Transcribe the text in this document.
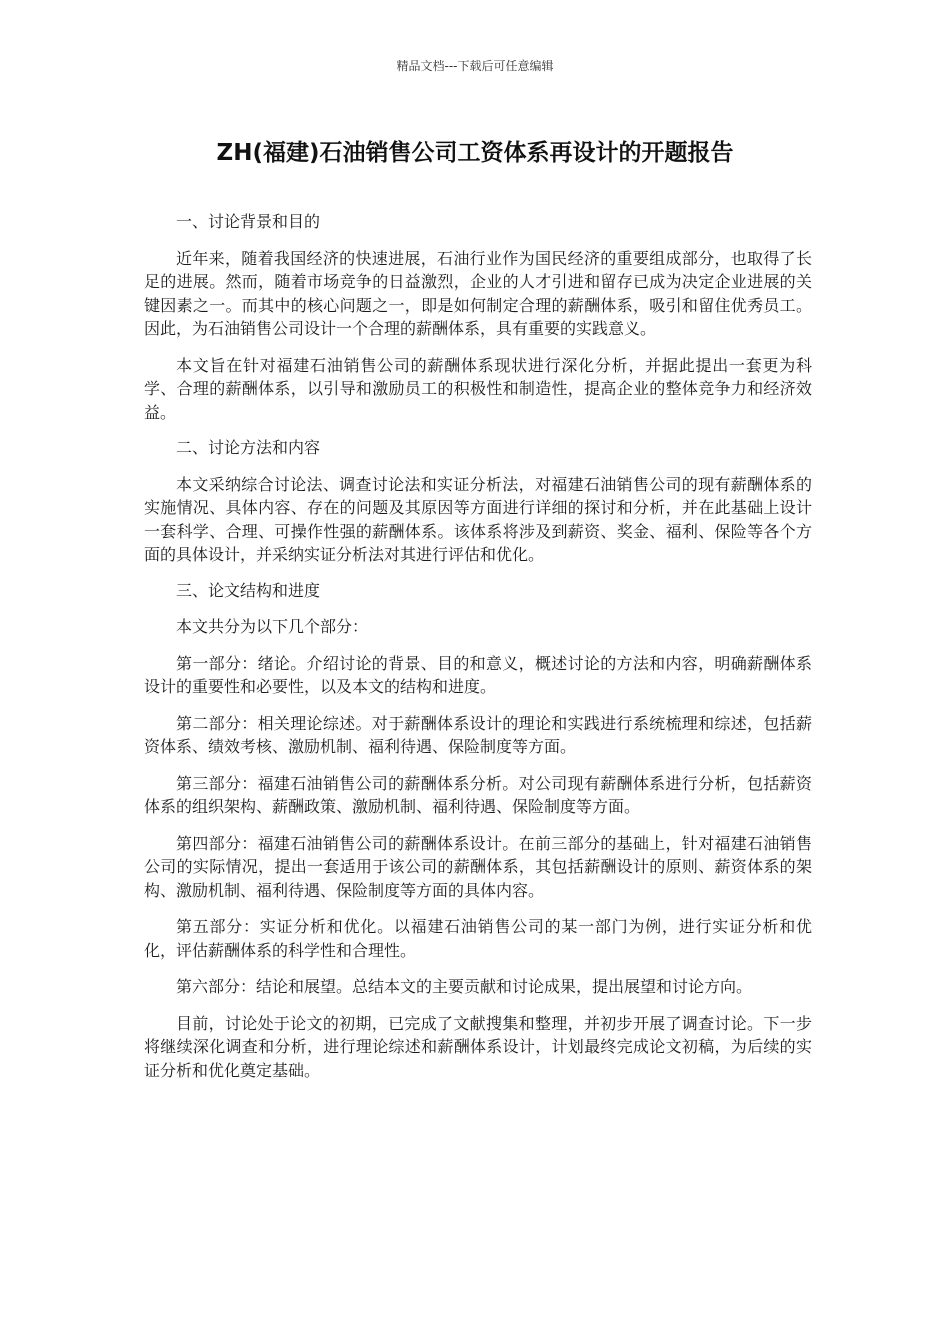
精品文档---下载后可任意编辑
ZH(福建)石油销售公司工资体系再设计的开题报告

一、讨论背景和目的

近年来，随着我国经济的快速进展，石油行业作为国民经济的重要组成部分，也取得了长足的进展。然而，随着市场竞争的日益激烈，企业的人才引进和留存已成为决定企业进展的关键因素之一。而其中的核心问题之一，即是如何制定合理的薪酬体系，吸引和留住优秀员工。因此，为石油销售公司设计一个合理的薪酬体系，具有重要的实践意义。

本文旨在针对福建石油销售公司的薪酬体系现状进行深化分析，并据此提出一套更为科学、合理的薪酬体系，以引导和激励员工的积极性和制造性，提高企业的整体竞争力和经济效益。

二、讨论方法和内容

本文采纳综合讨论法、调查讨论法和实证分析法，对福建石油销售公司的现有薪酬体系的实施情况、具体内容、存在的问题及其原因等方面进行详细的探讨和分析，并在此基础上设计一套科学、合理、可操作性强的薪酬体系。该体系将涉及到薪资、奖金、福利、保险等各个方面的具体设计，并采纳实证分析法对其进行评估和优化。

三、论文结构和进度

本文共分为以下几个部分：

第一部分：绪论。介绍讨论的背景、目的和意义，概述讨论的方法和内容，明确薪酬体系设计的重要性和必要性，以及本文的结构和进度。

第二部分：相关理论综述。对于薪酬体系设计的理论和实践进行系统梳理和综述，包括薪资体系、绩效考核、激励机制、福利待遇、保险制度等方面。

第三部分：福建石油销售公司的薪酬体系分析。对公司现有薪酬体系进行分析，包括薪资体系的组织架构、薪酬政策、激励机制、福利待遇、保险制度等方面。

第四部分：福建石油销售公司的薪酬体系设计。在前三部分的基础上，针对福建石油销售公司的实际情况，提出一套适用于该公司的薪酬体系，其包括薪酬设计的原则、薪资体系的架构、激励机制、福利待遇、保险制度等方面的具体内容。

第五部分：实证分析和优化。以福建石油销售公司的某一部门为例，进行实证分析和优化，评估薪酬体系的科学性和合理性。

第六部分：结论和展望。总结本文的主要贡献和讨论成果，提出展望和讨论方向。

目前，讨论处于论文的初期，已完成了文献搜集和整理，并初步开展了调查讨论。下一步将继续深化调查和分析，进行理论综述和薪酬体系设计，计划最终完成论文初稿，为后续的实证分析和优化奠定基础。
